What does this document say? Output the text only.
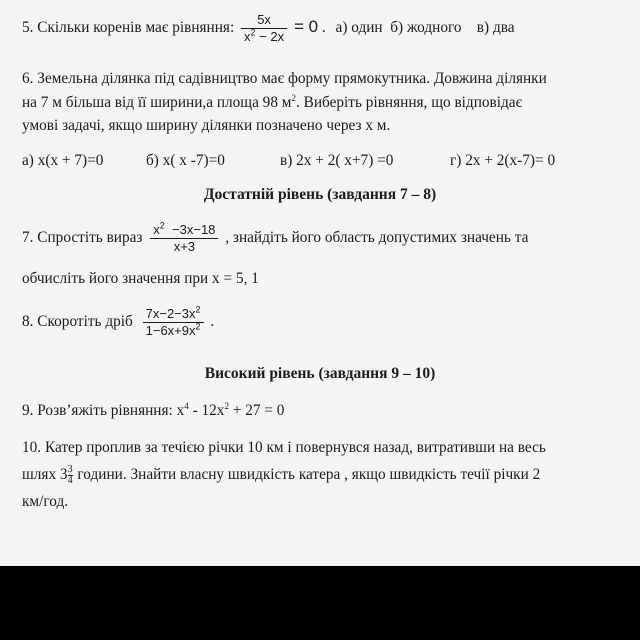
5. Скільки коренів має рівняння: $\frac{5x}{x^2 - 2x} = 0$ . а) один  б) жодного    в) два
6. Земельна ділянка під садівництво має форму прямокутника. Довжина ділянки
на 7 м більша від її ширини,а площа 98 $м^2$. Виберіть рівняння, що відповідає
умові задачі, якщо ширину ділянки позначено через х м.
а) x(x + 7)=0	б) x( x -7)=0	в) 2x + 2( x+7) =0	г) 2x + 2(x-7)= 0
Достатній рівень (завдання 7 – 8)
7. Спростіть вираз $\frac{x^2 -3x-18}{x+3}$ , знайдіть його область допустимих значень та
обчисліть його значення при x = 5, 1
8. Скоротіть дріб $\frac{7x-2-3x^2}{1-6x+9x^2}$ .
Високий рівень (завдання 9 – 10)
9. Розв’яжіть рівняння: $x^4 - 12x^2 + 27 = 0$
10. Катер проплив за течією річки 10 км і повернувся назад, витративши на весь
шлях $3 \frac{3}{4}$ години. Знайти власну швидкість катера , якщо швидкість течії річки 2
км/год.
